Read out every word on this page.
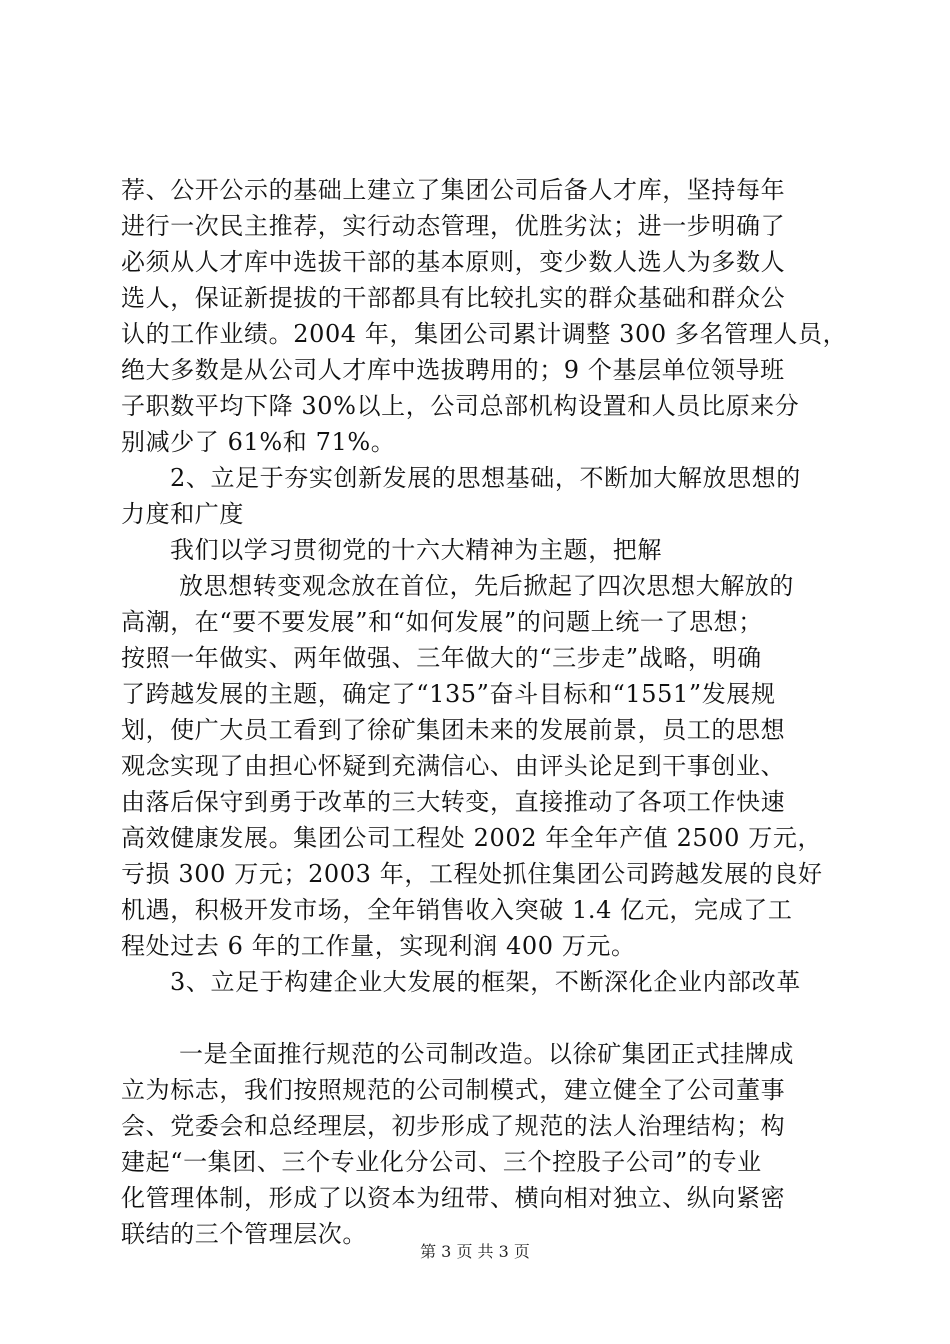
荐、公开公示的基础上建立了集团公司后备人才库，坚持每年
进行一次民主推荐，实行动态管理，优胜劣汰；进一步明确了
必须从人才库中选拔干部的基本原则，变少数人选人为多数人
选人，保证新提拔的干部都具有比较扎实的群众基础和群众公
认的工作业绩。2004 年，集团公司累计调整 300 多名管理人员，
绝大多数是从公司人才库中选拔聘用的；9 个基层单位领导班
子职数平均下降 30%以上，公司总部机构设置和人员比原来分
别减少了 61%和 71%。
2、立足于夯实创新发展的思想基础，不断加大解放思想的
力度和广度
我们以学习贯彻党的十六大精神为主题，把解
放思想转变观念放在首位，先后掀起了四次思想大解放的
高潮，在“要不要发展”和“如何发展”的问题上统一了思想；
按照一年做实、两年做强、三年做大的“三步走”战略，明确
了跨越发展的主题，确定了“135”奋斗目标和“1551”发展规
划，使广大员工看到了徐矿集团未来的发展前景，员工的思想
观念实现了由担心怀疑到充满信心、由评头论足到干事创业、
由落后保守到勇于改革的三大转变，直接推动了各项工作快速
高效健康发展。集团公司工程处 2002 年全年产值 2500 万元，
亏损 300 万元；2003 年，工程处抓住集团公司跨越发展的良好
机遇，积极开发市场，全年销售收入突破 1.4 亿元，完成了工
程处过去 6 年的工作量，实现利润 400 万元。
3、立足于构建企业大发展的框架，不断深化企业内部改革
一是全面推行规范的公司制改造。以徐矿集团正式挂牌成
立为标志，我们按照规范的公司制模式，建立健全了公司董事
会、党委会和总经理层，初步形成了规范的法人治理结构；构
建起“一集团、三个专业化分公司、三个控股子公司”的专业
化管理体制，形成了以资本为纽带、横向相对独立、纵向紧密
联结的三个管理层次。
第 3 页 共 3 页
